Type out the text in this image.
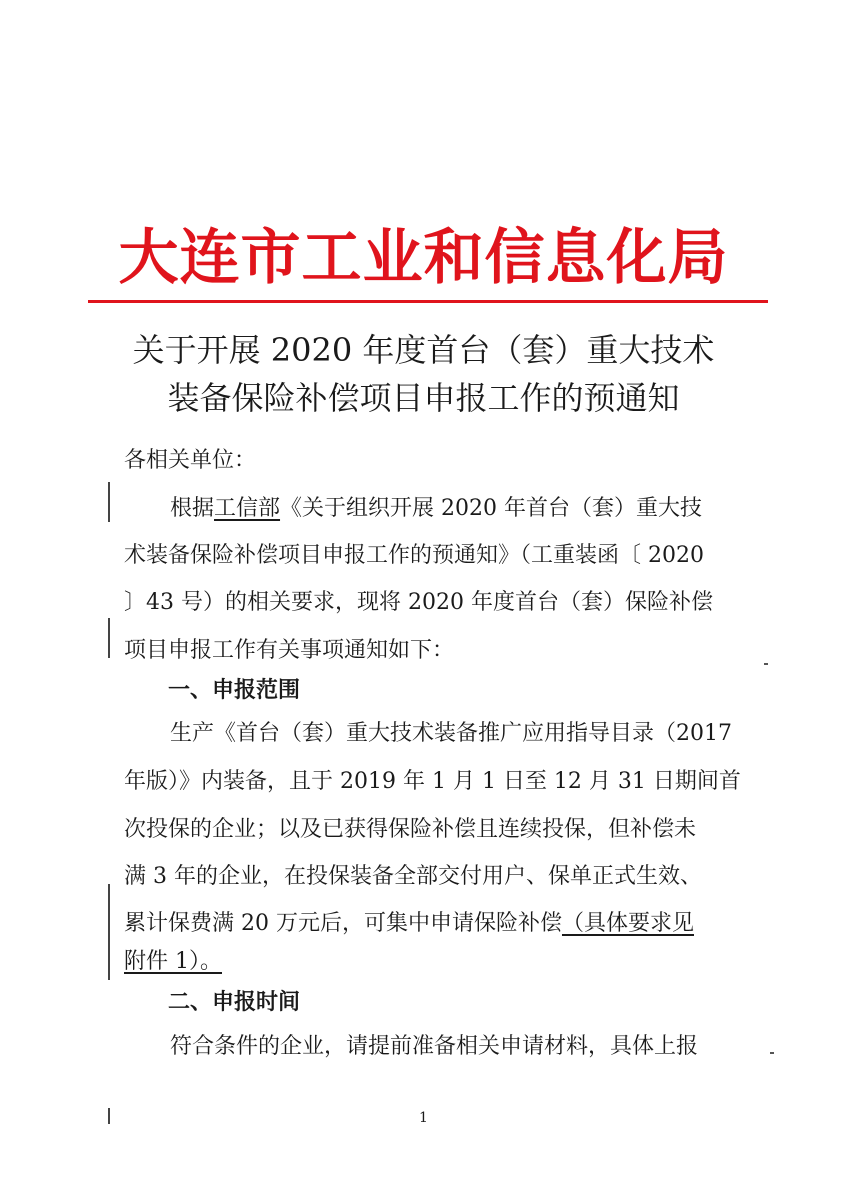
大连市工业和信息化局
关于开展 2020 年度首台（套）重大技术
装备保险补偿项目申报工作的预通知
各相关单位：
根据工信部《关于组织开展 2020 年首台（套）重大技
术装备保险补偿项目申报工作的预通知》（工重装函〔 2020
〕43 号）的相关要求，现将 2020 年度首台（套）保险补偿
项目申报工作有关事项通知如下：
一、申报范围
生产《首台（套）重大技术装备推广应用指导目录（2017
年版）》内装备，且于 2019 年 1 月 1 日至 12 月 31 日期间首
次投保的企业；以及已获得保险补偿且连续投保，但补偿未
满 3 年的企业，在投保装备全部交付用户、保单正式生效、
累计保费满 20 万元后，可集中申请保险补偿（具体要求见
附件 1）。
二、申报时间
符合条件的企业，请提前准备相关申请材料，具体上报
1
